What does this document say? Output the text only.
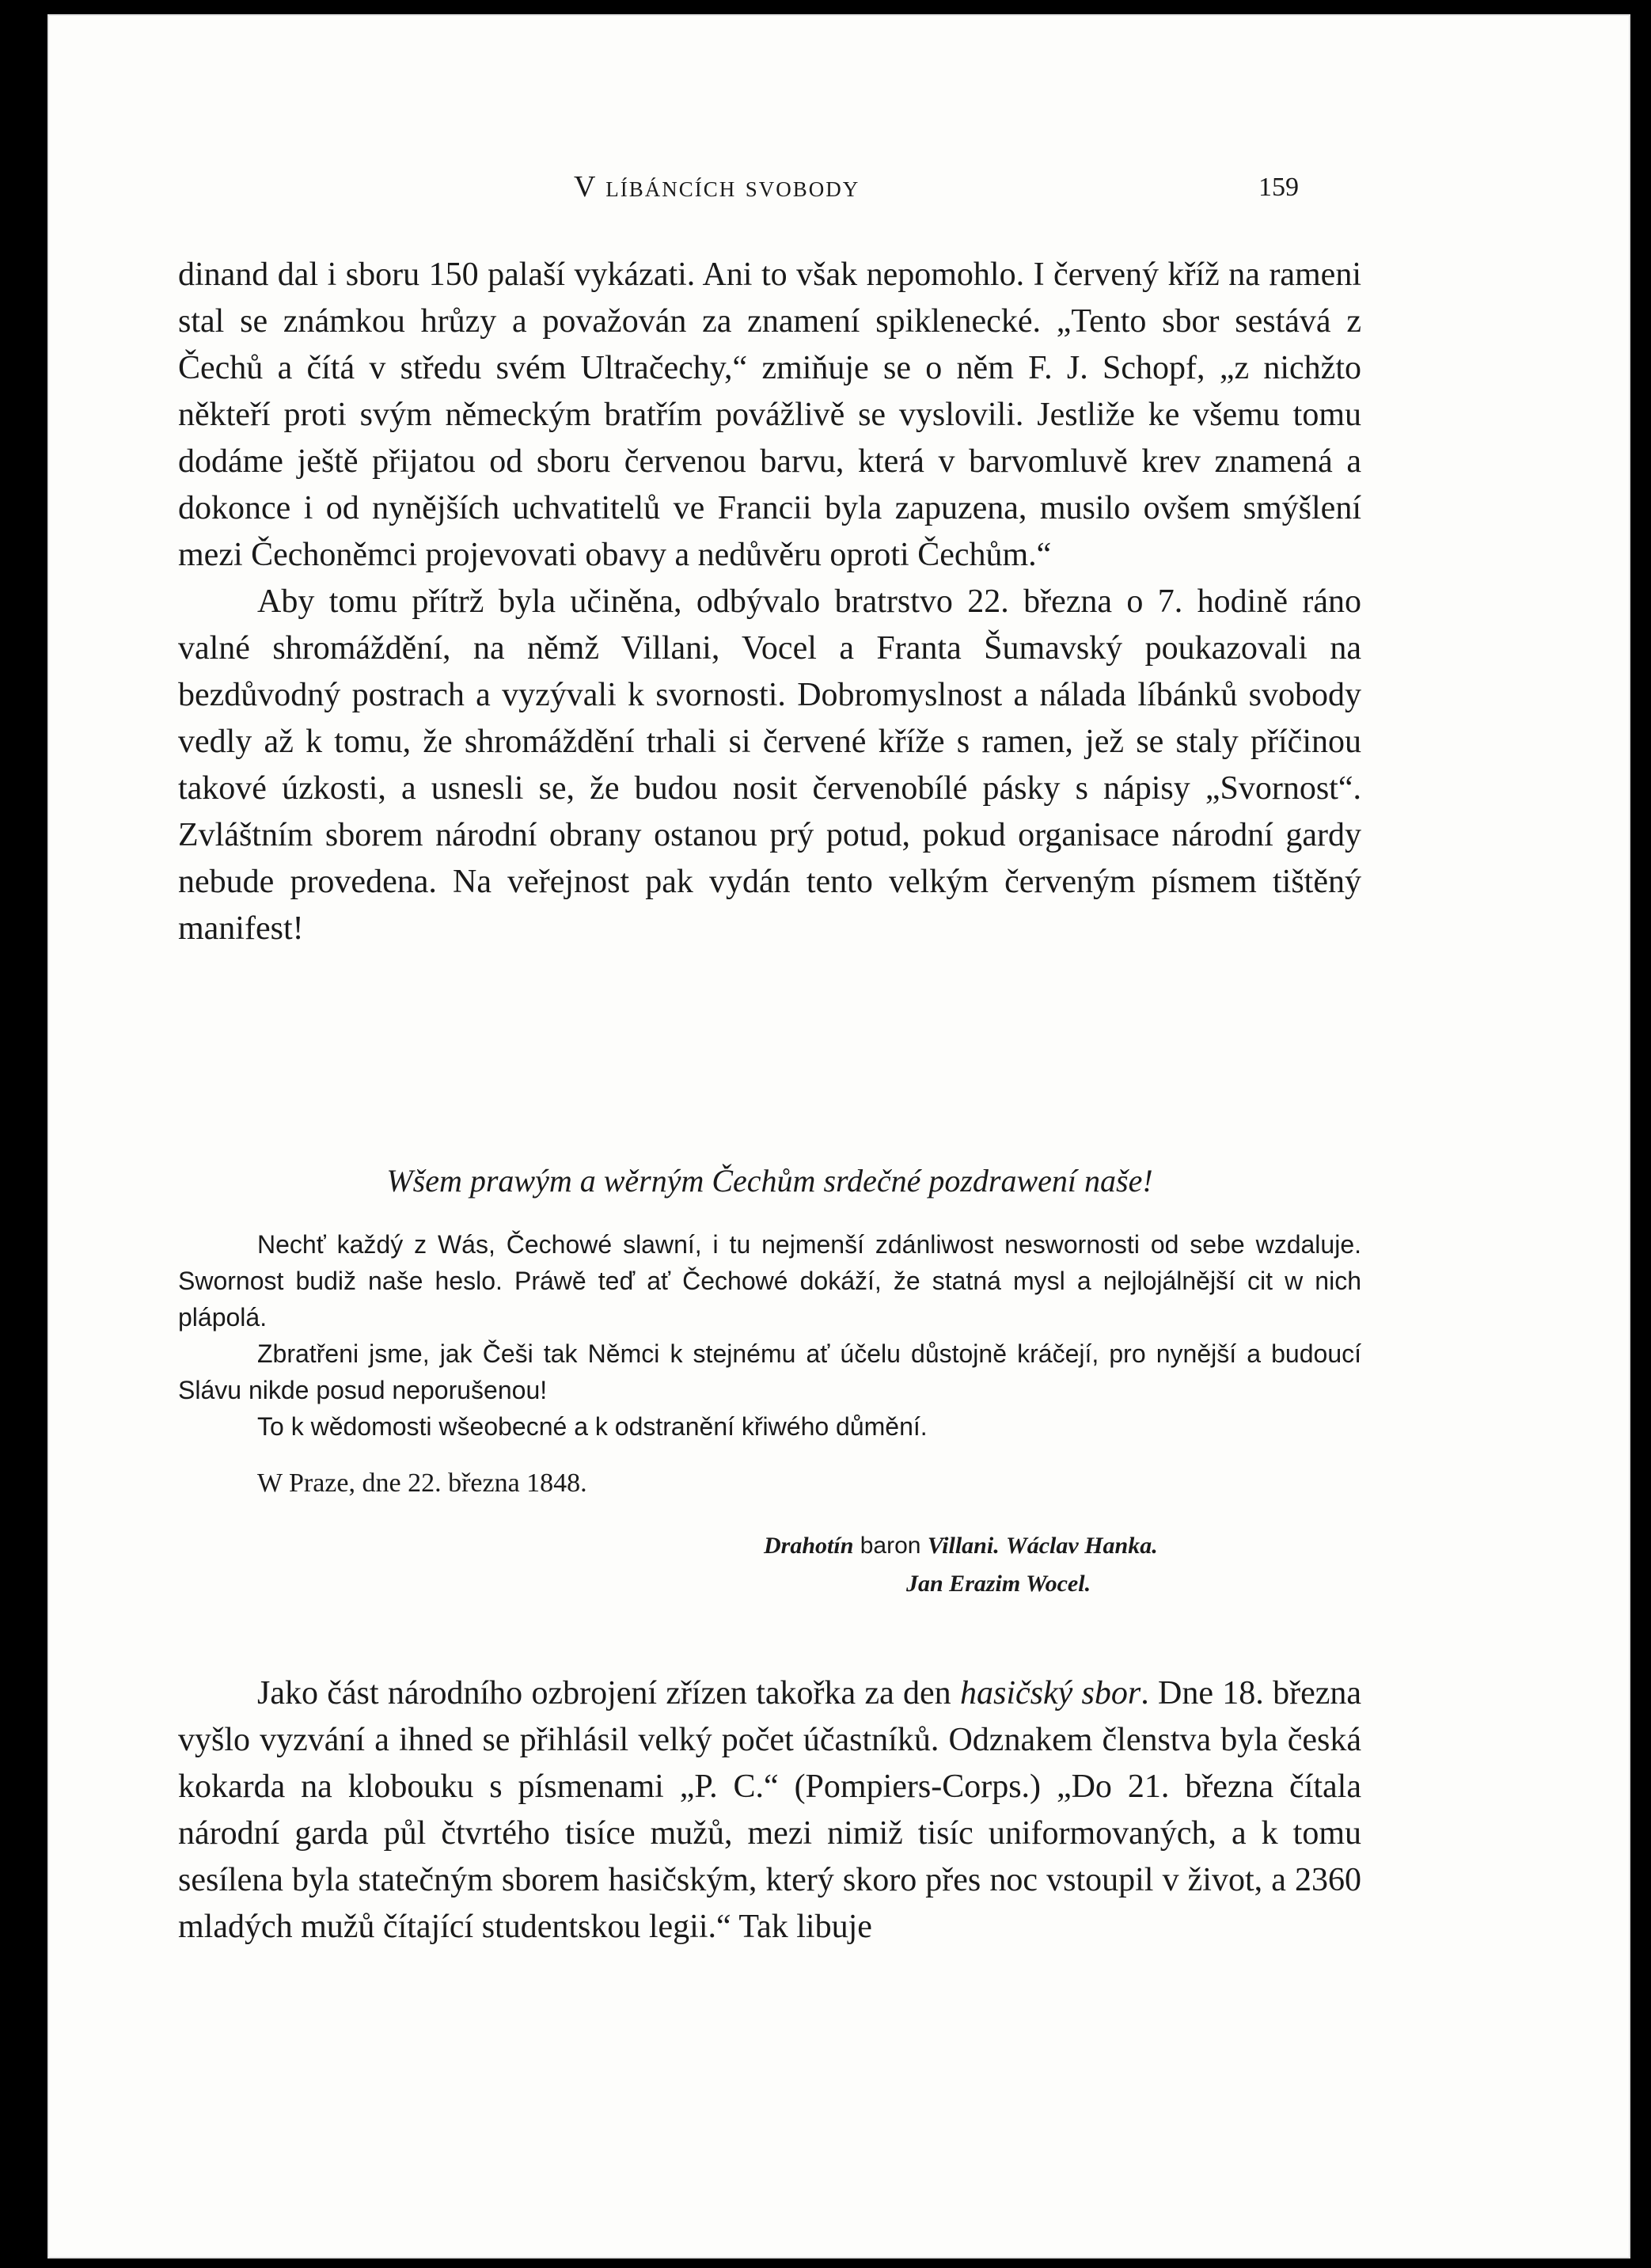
V líbáncích svobody	159

dinand dal i sboru 150 palaší vykázati. Ani to však nepomohlo. I červený kříž na rameni stal se známkou hrůzy a považován za znamení spiklenecké. „Tento sbor sestává z Čechů a čítá v středu svém Ultračechy,“ zmiňuje se o něm F. J. Schopf, „z nichžto někteří proti svým německým bratřím povážlivě se vyslovili. Jestliže ke všemu tomu dodáme ještě přijatou od sboru červenou barvu, která v barvomluvě krev znamená a dokonce i od nynějších uchvatitelů ve Francii byla zapuzena, musilo ovšem smýšlení mezi Čechoněmci projevovati obavy a nedůvěru oproti Čechům.“

Aby tomu přítrž byla učiněna, odbývalo bratrstvo 22. března o 7. hodině ráno valné shromáždění, na němž Villani, Vocel a Franta Šumavský poukazovali na bezdůvodný postrach a vyzývali k svornosti. Dobromyslnost a nálada líbánků svobody vedly až k tomu, že shromáždění trhali si červené kříže s ramen, jež se staly příčinou takové úzkosti, a usnesli se, že budou nosit červenobílé pásky s nápisy „Svornost“. Zvláštním sborem národní obrany ostanou prý potud, pokud organisace národní gardy nebude provedena. Na veřejnost pak vydán tento velkým červeným písmem tištěný manifest!

Wšem prawým a wěrným Čechům srdečné pozdrawení naše!

Nechť každý z Wás, Čechowé slawní, i tu nejmenší zdánliwost neswornosti od sebe wzdaluje. Swornost budiž naše heslo. Práwě teď ať Čechowé dokáží, že statná mysl a nejlojálnější cit w nich plápolá.

Zbratřeni jsme, jak Češi tak Němci k stejnému ať účelu důstojně kráčejí, pro nynější a budoucí Slávu nikde posud neporušenou!

To k wědomosti wšeobecné a k odstranění křiwého důmění.

W Praze, dne 22. března 1848.
Drahotín baron Villani. Wáclav Hanka.
Jan Erazim Wocel.

Jako část národního ozbrojení zřízen takořka za den hasičský sbor. Dne 18. března vyšlo vyzvání a ihned se přihlásil velký počet účastníků. Odznakem členstva byla česká kokarda na klobouku s písmenami „P. C.“ (Pompiers-Corps.) „Do 21. března čítala národní garda půl čtvrtého tisíce mužů, mezi nimiž tisíc uniformovaných, a k tomu sesílena byla statečným sborem hasičským, který skoro přes noc vstoupil v život, a 2360 mladých mužů čítající studentskou legii.“ Tak libuje
